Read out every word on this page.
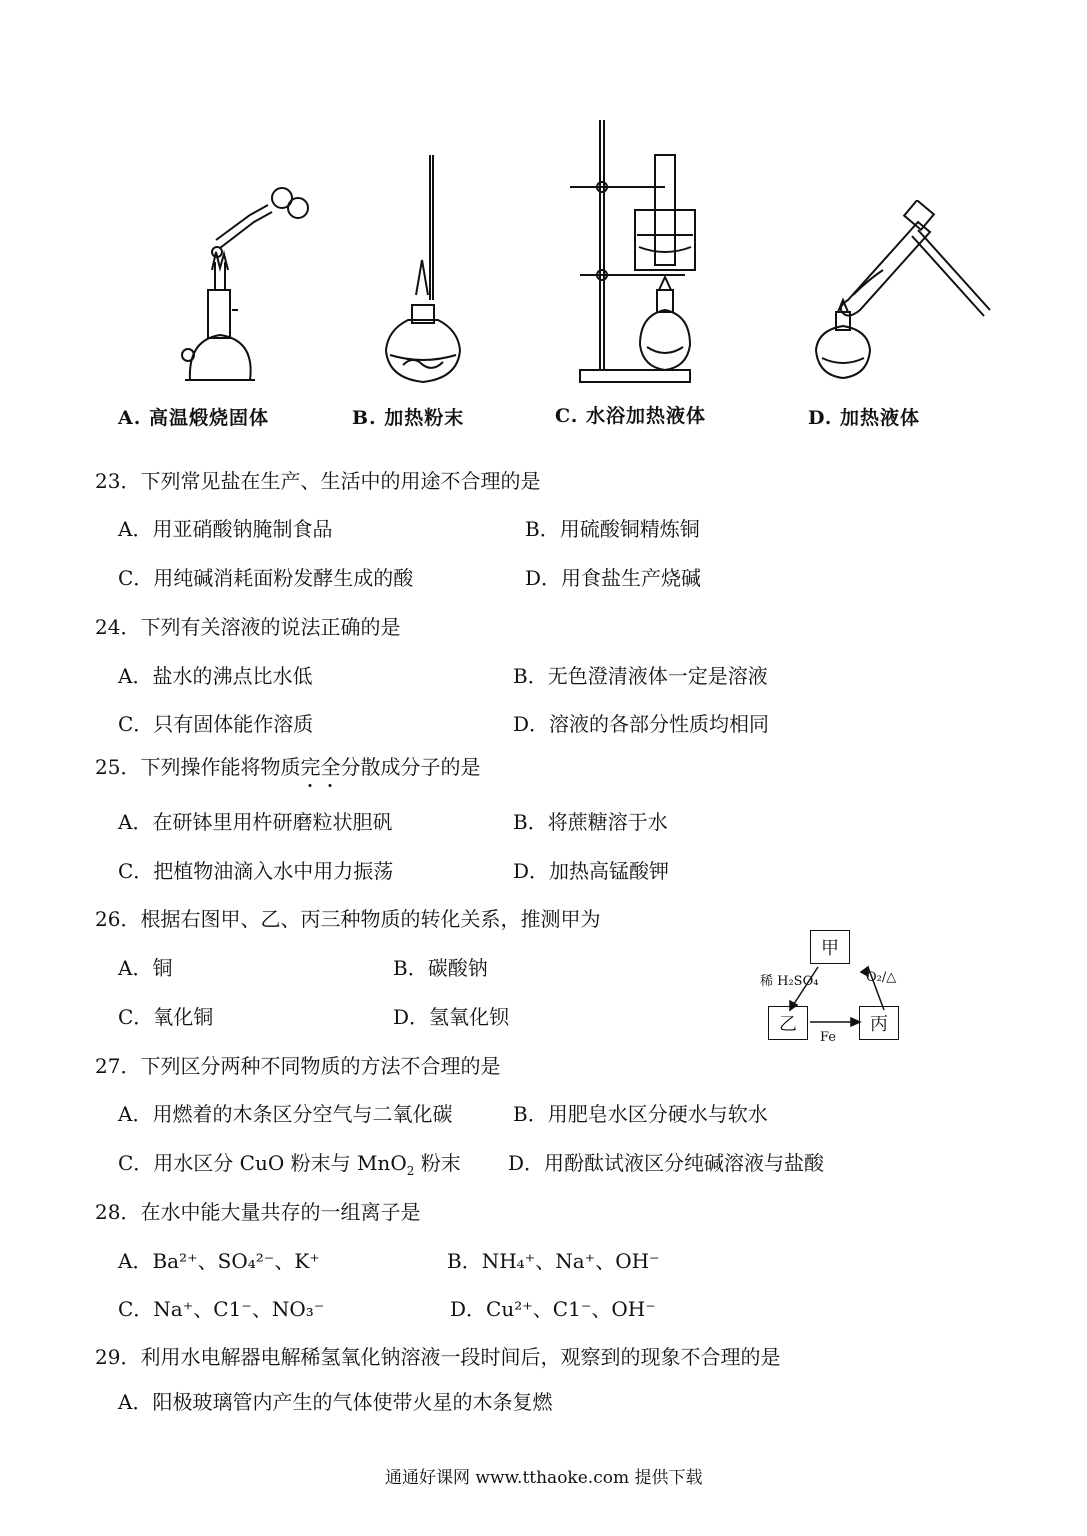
A. 高温煅烧固体	B. 加热粉末	C. 水浴加热液体	D. 加热液体
23．下列常见盐在生产、生活中的用途不合理的是
A．用亚硝酸钠腌制食品	B．用硫酸铜精炼铜
C．用纯碱消耗面粉发酵生成的酸	D．用食盐生产烧碱
24．下列有关溶液的说法正确的是
A．盐水的沸点比水低	B．无色澄清液体一定是溶液
C．只有固体能作溶质	D．溶液的各部分性质均相同
25．下列操作能将物质完全分散成分子的是
A．在研钵里用杵研磨粒状胆矾	B．将蔗糖溶于水
C．把植物油滴入水中用力振荡	D．加热高锰酸钾
26．根据右图甲、乙、丙三种物质的转化关系，推测甲为
A．铜	B．碳酸钠
C．氧化铜	D．氢氧化钡
甲
乙	丙
稀 H₂SO₄	O₂/△
Fe
27．下列区分两种不同物质的方法不合理的是
A．用燃着的木条区分空气与二氧化碳	B．用肥皂水区分硬水与软水
C．用水区分 CuO 粉末与 MnO$_2$ 粉末 D．用酚酞试液区分纯碱溶液与盐酸
28．在水中能大量共存的一组离子是
A．Ba²⁺、SO₄²⁻、K⁺	B．NH₄⁺、Na⁺、OH⁻
C．Na⁺、C1⁻、NO₃⁻	D．Cu²⁺、C1⁻、OH⁻
29．利用水电解器电解稀氢氧化钠溶液一段时间后，观察到的现象不合理的是
A．阳极玻璃管内产生的气体使带火星的木条复燃
通通好课网 www.tthaoke.com 提供下载
